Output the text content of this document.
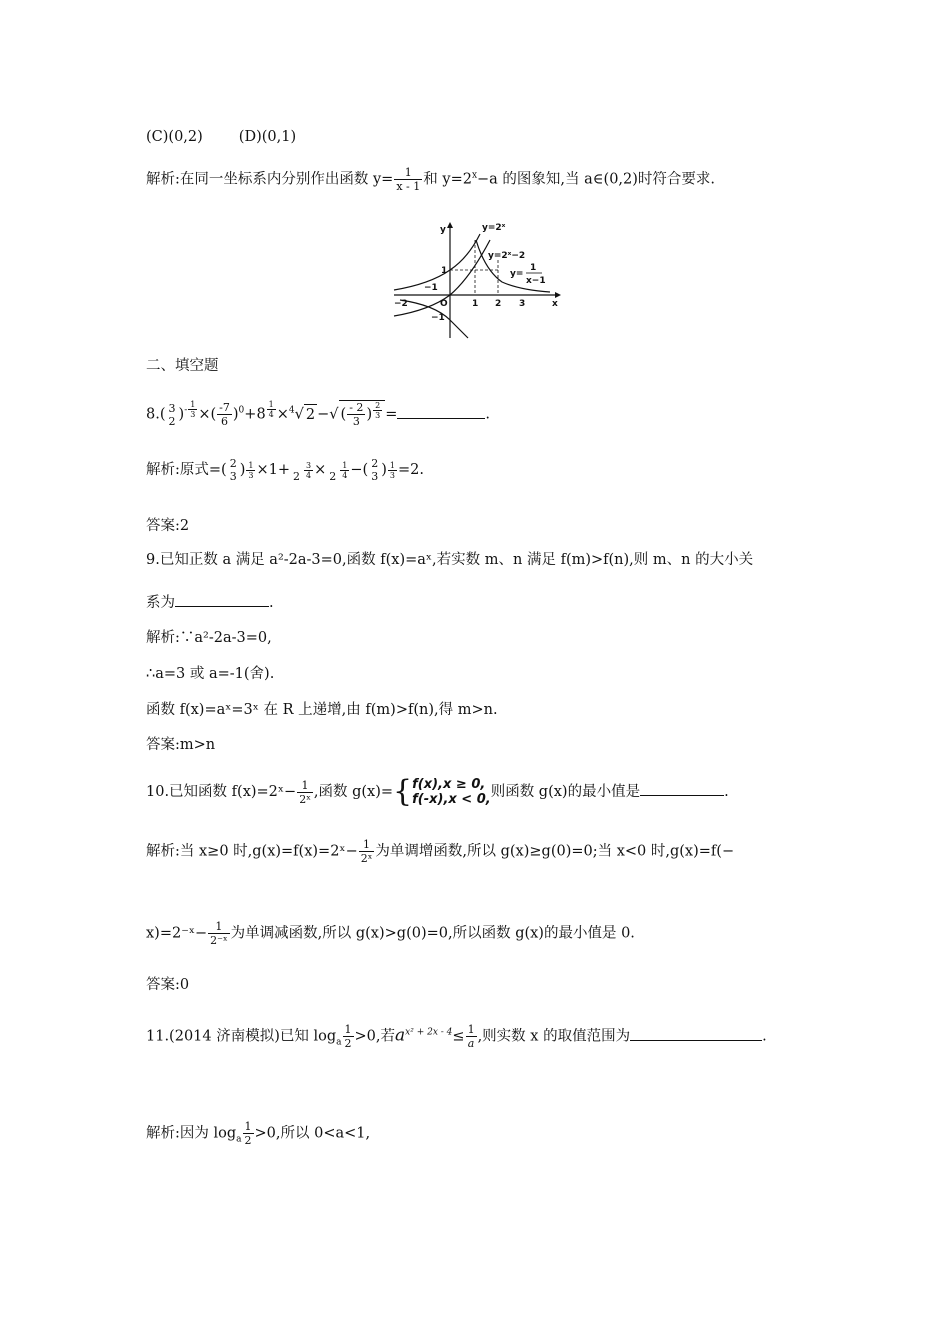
(C)(0,2) (D)(0,1)
解析:在同一坐标系内分别作出函数 $y= \frac{1}{x - 1}$ 和 $y=2^x-a$ 的图象知,当 a∈(0,2)时符合要求.
y
x
O
y=2ˣ
y=2ˣ−2
y=
1
x−1
−2
−1
1 2 3
1
−1
二、填空题
8.( 3
2 )$^- \frac{1}{3}$ ×( $\frac{-7}{6} )^0+8 \frac{1}{4} \times^4√$ 2 −√ ( $\frac{- 2}{3}$ ) $\frac{2}{3}$ =	.
解析:原式=( 2
3 ) $\frac{1}{3} \times 1+$
$2 \frac{3}{4}$ ×
$2 \frac{1}{4}$ −( 2
3 ) $\frac{1}{3} =2$.
答案:2
9.已知正数 a 满足 a²-2a-3=0,函数 f(x)=aˣ,若实数 m、n 满足 f(m)>f(n),则 m、n 的大小关
系为	.
解析:∵a²-2a-3=0,
∴a=3 或 a=-1(舍).
函数 f(x)=aˣ=3ˣ 在 R 上递增,由 f(m)>f(n),得 m>n.
答案:m>n
10.已知函数 f(x)=2ˣ− $\frac{1}{\text{2ˣ}}$ ,函数 g(x)={ f(x),x ≥ 0,
f(-x),x < 0, 则函数 g(x)的最小值是	.
解析:当 x≥0 时,g(x)=f(x)=2ˣ− $\frac{1}{\text{2ˣ}}$ 为单调增函数,所以 g(x)≥g(0)=0;当 x<0 时,g(x)=f(−
x)=2⁻ˣ− $\frac{1}{\text{2⁻ˣ}}$ 为单调减函数,所以 g(x)>g(0)=0,所以函数 g(x)的最小值是 0.
答案:0
11.(2014 济南模拟)已知 $\log_a \frac{1}{2} >0$,若$a^{x^2 + 2x - 4}\le \frac{1}{a}$ ,则实数 x 的取值范围为	.
解析:因为 $\log_a \frac{1}{2} >0$,所以 0<a<1,
